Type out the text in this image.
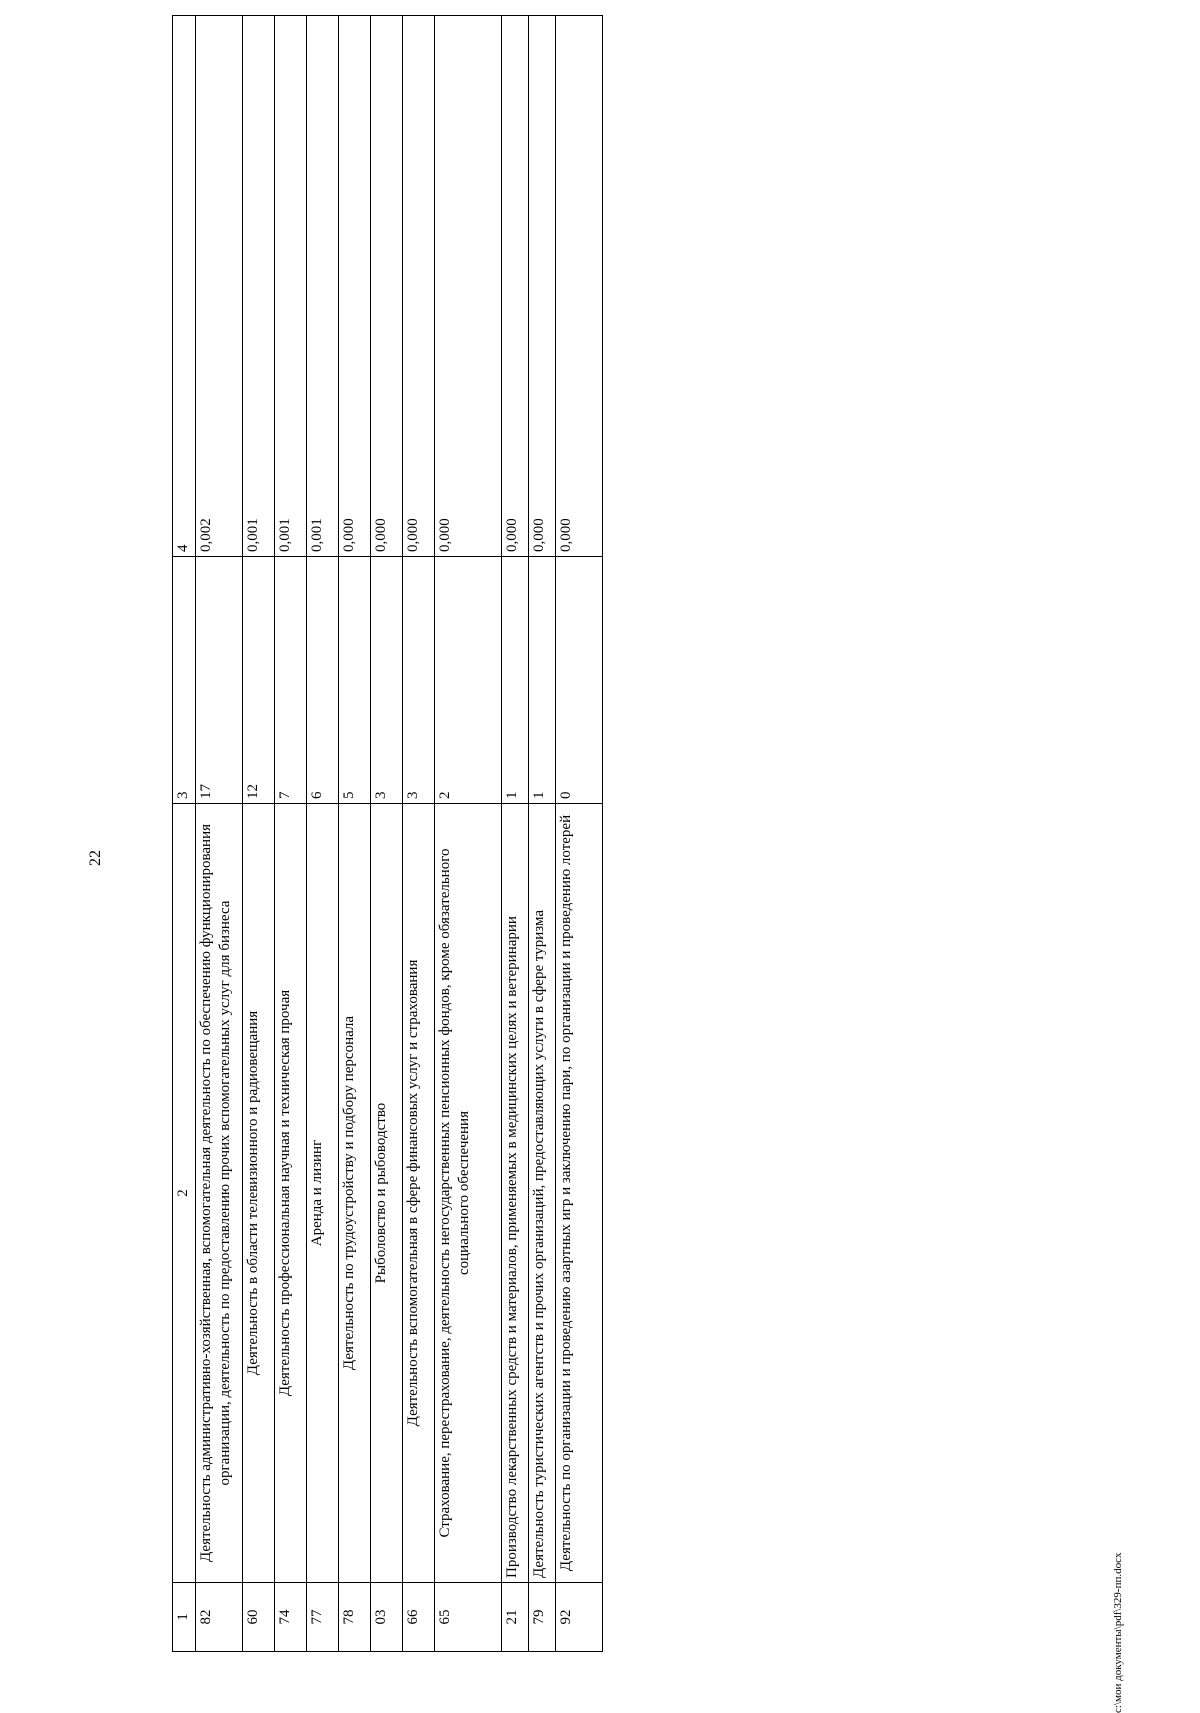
22
1	2	3	4
82	Деятельность административно-хозяйственная, вспомогательная деятельность по обеспечению функционирования организации, деятельность по предоставлению прочих вспомогательных услуг для бизнеса	17	0,002
60	Деятельность в области телевизионного и радиовещания	12	0,001
74	Деятельность профессиональная научная и техническая прочая	7	0,001
77	Аренда и лизинг	6	0,001
78	Деятельность по трудоустройству и подбору персонала	5	0,000
03	Рыболовство и рыбоводство	3	0,000
66	Деятельность вспомогательная в сфере финансовых услуг и страхования	3	0,000
65	Страхование, перестрахование, деятельность негосударственных пенсионных фондов, кроме обязательного социального обеспечения	2	0,000
21	Производство лекарственных средств и материалов, применяемых в медицинских целях и ветеринарии	1	0,000
79	Деятельность туристических агентств и прочих организаций, предоставляющих услуги в сфере туризма	1	0,000
92	Деятельность по организации и проведению азартных игр и заключению пари, по организации и проведению лотерей	0	0,000
c:\мои документы\pdf\329-пп.docx
